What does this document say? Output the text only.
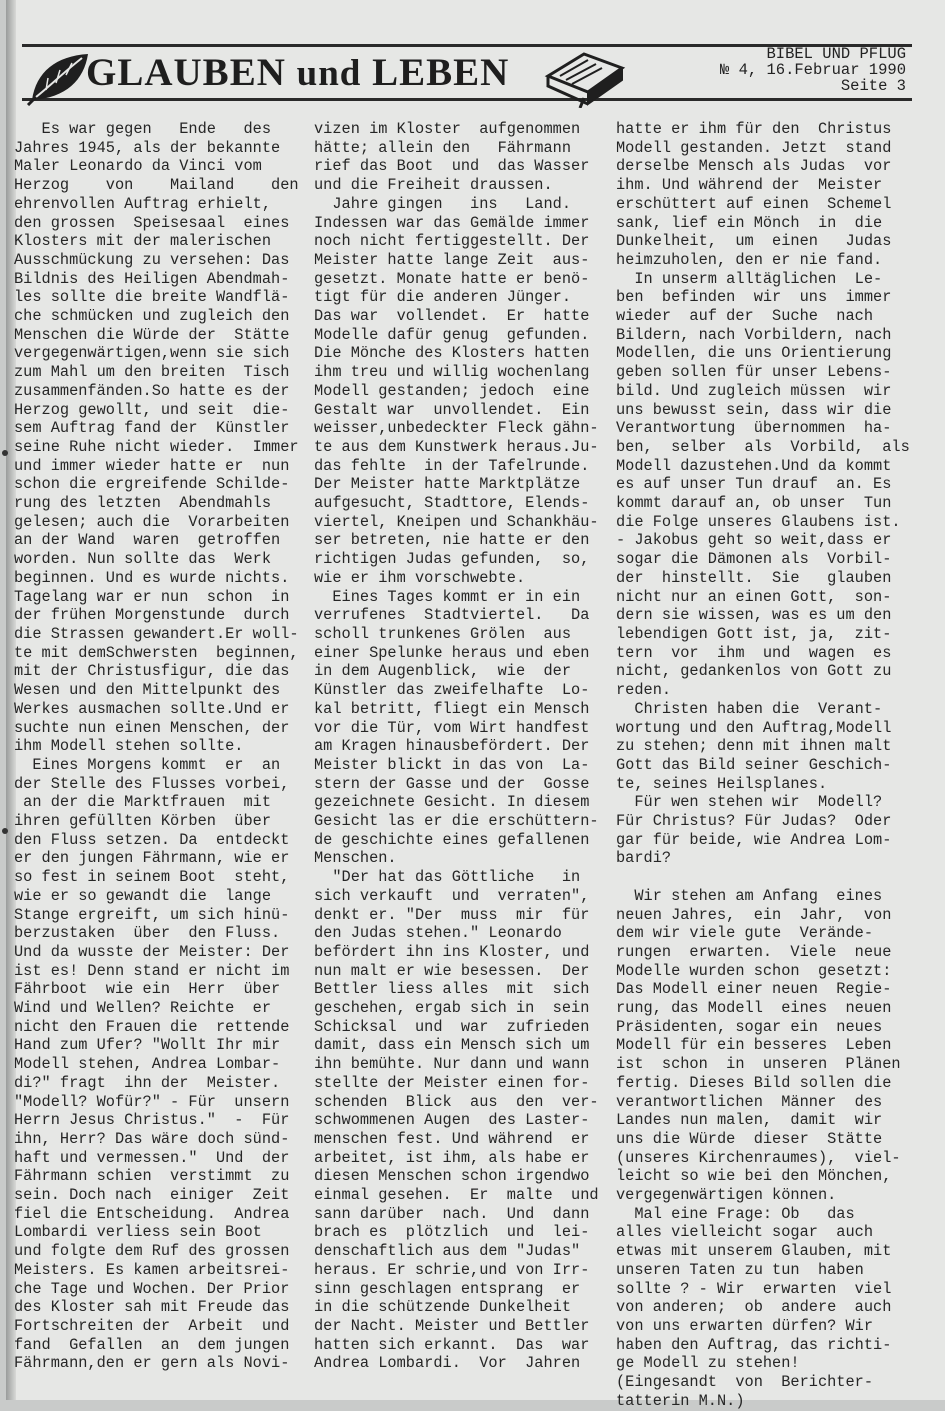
GLAUBEN und LEBEN	BIBEL UND PFLUG
№ 4, 16.Februar 1990
Seite 3
Es war gegen   Ende   des
Jahres 1945, als der bekannte
Maler Leonardo da Vinci vom
Herzog    von    Mailand    den
ehrenvollen Auftrag erhielt,
den grossen  Speisesaal  eines
Klosters mit der malerischen
Ausschmückung zu versehen: Das
Bildnis des Heiligen Abendmah-
les sollte die breite Wandflä-
che schmücken und zugleich den
Menschen die Würde der  Stätte
vergegenwärtigen,wenn sie sich
zum Mahl um den breiten  Tisch
zusammenfänden.So hatte es der
Herzog gewollt, und seit  die-
sem Auftrag fand der  Künstler
seine Ruhe nicht wieder.  Immer
und immer wieder hatte er  nun
schon die ergreifende Schilde-
rung des letzten  Abendmahls
gelesen; auch die  Vorarbeiten
an der Wand  waren  getroffen
worden. Nun sollte das  Werk
beginnen. Und es wurde nichts.
Tagelang war er nun  schon  in
der frühen Morgenstunde  durch
die Strassen gewandert.Er woll-
te mit demSchwersten  beginnen,
mit der Christusfigur, die das
Wesen und den Mittelpunkt des
Werkes ausmachen sollte.Und er
suchte nun einen Menschen, der
ihm Modell stehen sollte.
Eines Morgens kommt  er  an
der Stelle des Flusses vorbei,
an der die Marktfrauen  mit
ihren gefüllten Körben  über
den Fluss setzen. Da  entdeckt
er den jungen Fährmann, wie er
so fest in seinem Boot  steht,
wie er so gewandt die  lange
Stange ergreift, um sich hinü-
berzustaken  über  den Fluss.
Und da wusste der Meister: Der
ist es! Denn stand er nicht im
Fährboot  wie ein  Herr  über
Wind und Wellen? Reichte  er
nicht den Frauen die  rettende
Hand zum Ufer? "Wollt Ihr mir
Modell stehen, Andrea Lombar-
di?" fragt  ihn der  Meister.
"Modell? Wofür?" - Für  unsern
Herrn Jesus Christus."  -  Für
ihn, Herr? Das wäre doch sünd-
haft und vermessen."  Und  der
Fährmann schien  verstimmt  zu
sein. Doch nach  einiger  Zeit
fiel die Entscheidung.  Andrea
Lombardi verliess sein Boot
und folgte dem Ruf des grossen
Meisters. Es kamen arbeitsrei-
che Tage und Wochen. Der Prior
des Kloster sah mit Freude das
Fortschreiten der  Arbeit  und
fand  Gefallen  an  dem jungen
Fährmann,den er gern als Novi-
vizen im Kloster  aufgenommen
hätte; allein den   Fährmann
rief das Boot  und  das Wasser
und die Freiheit draussen.
Jahre gingen   ins   Land.
Indessen war das Gemälde immer
noch nicht fertiggestellt. Der
Meister hatte lange Zeit  aus-
gesetzt. Monate hatte er benö-
tigt für die anderen Jünger.
Das war  vollendet.  Er  hatte
Modelle dafür genug  gefunden.
Die Mönche des Klosters hatten
ihm treu und willig wochenlang
Modell gestanden; jedoch  eine
Gestalt war  unvollendet.  Ein
weisser,unbedeckter Fleck gähn-
te aus dem Kunstwerk heraus.Ju-
das fehlte  in der Tafelrunde.
Der Meister hatte Marktplätze
aufgesucht, Stadttore, Elends-
viertel, Kneipen und Schankhäu-
ser betreten, nie hatte er den
richtigen Judas gefunden,  so,
wie er ihm vorschwebte.
Eines Tages kommt er in ein
verrufenes  Stadtviertel.   Da
scholl trunkenes Grölen  aus
einer Spelunke heraus und eben
in dem Augenblick,  wie  der
Künstler das zweifelhafte  Lo-
kal betritt, fliegt ein Mensch
vor die Tür, vom Wirt handfest
am Kragen hinausbefördert. Der
Meister blickt in das von  La-
stern der Gasse und der  Gosse
gezeichnete Gesicht. In diesem
Gesicht las er die erschüttern-
de geschichte eines gefallenen
Menschen.
"Der hat das Göttliche   in
sich verkauft  und  verraten",
denkt er. "Der  muss  mir  für
den Judas stehen." Leonardo
befördert ihn ins Kloster, und
nun malt er wie besessen.  Der
Bettler liess alles  mit  sich
geschehen, ergab sich in  sein
Schicksal  und  war  zufrieden
damit, dass ein Mensch sich um
ihn bemühte. Nur dann und wann
stellte der Meister einen for-
schenden  Blick  aus  den  ver-
schwommenen Augen  des Laster-
menschen fest. Und während  er
arbeitet, ist ihm, als habe er
diesen Menschen schon irgendwo
einmal gesehen.  Er  malte  und
sann darüber  nach.  Und  dann
brach es  plötzlich  und  lei-
denschaftlich aus dem "Judas"
heraus. Er schrie,und von Irr-
sinn geschlagen entsprang  er
in die schützende Dunkelheit
der Nacht. Meister und Bettler
hatten sich erkannt.  Das  war
Andrea Lombardi.  Vor  Jahren
hatte er ihm für den  Christus
Modell gestanden. Jetzt  stand
derselbe Mensch als Judas  vor
ihm. Und während der  Meister
erschüttert auf einen  Schemel
sank, lief ein Mönch  in  die
Dunkelheit,  um  einen   Judas
heimzuholen, den er nie fand.
In unserm alltäglichen  Le-
ben  befinden  wir  uns  immer
wieder  auf der  Suche  nach
Bildern, nach Vorbildern, nach
Modellen, die uns Orientierung
geben sollen für unser Lebens-
bild. Und zugleich müssen  wir
uns bewusst sein, dass wir die
Verantwortung  übernommen  ha-
ben,  selber  als  Vorbild,  als
Modell dazustehen.Und da kommt
es auf unser Tun drauf  an. Es
kommt darauf an, ob unser  Tun
die Folge unseres Glaubens ist.
- Jakobus geht so weit,dass er
sogar die Dämonen als  Vorbil-
der  hinstellt.  Sie   glauben
nicht nur an einen Gott,  son-
dern sie wissen, was es um den
lebendigen Gott ist, ja,  zit-
tern  vor  ihm  und  wagen  es
nicht, gedankenlos von Gott zu
reden.
Christen haben die  Verant-
wortung und den Auftrag,Modell
zu stehen; denn mit ihnen malt
Gott das Bild seiner Geschich-
te, seines Heilsplanes.
Für wen stehen wir  Modell?
Für Christus? Für Judas?  Oder
gar für beide, wie Andrea Lom-
bardi?

Wir stehen am Anfang  eines
neuen Jahres,  ein  Jahr,  von
dem wir viele gute  Verände-
rungen  erwarten.  Viele  neue
Modelle wurden schon  gesetzt:
Das Modell einer neuen  Regie-
rung, das Modell  eines  neuen
Präsidenten, sogar ein  neues
Modell für ein besseres  Leben
ist  schon  in  unseren  Plänen
fertig. Dieses Bild sollen die
verantwortlichen  Männer  des
Landes nun malen,  damit  wir
uns die Würde  dieser  Stätte
(unseres Kirchenraumes),  viel-
leicht so wie bei den Mönchen,
vergegenwärtigen können.
Mal eine Frage: Ob   das
alles vielleicht sogar  auch
etwas mit unserem Glauben, mit
unseren Taten zu tun  haben
sollte ? - Wir  erwarten  viel
von anderen;  ob  andere  auch
von uns erwarten dürfen? Wir
haben den Auftrag, das richti-
ge Modell zu stehen!
(Eingesandt  von  Berichter-
tatterin M.N.)
